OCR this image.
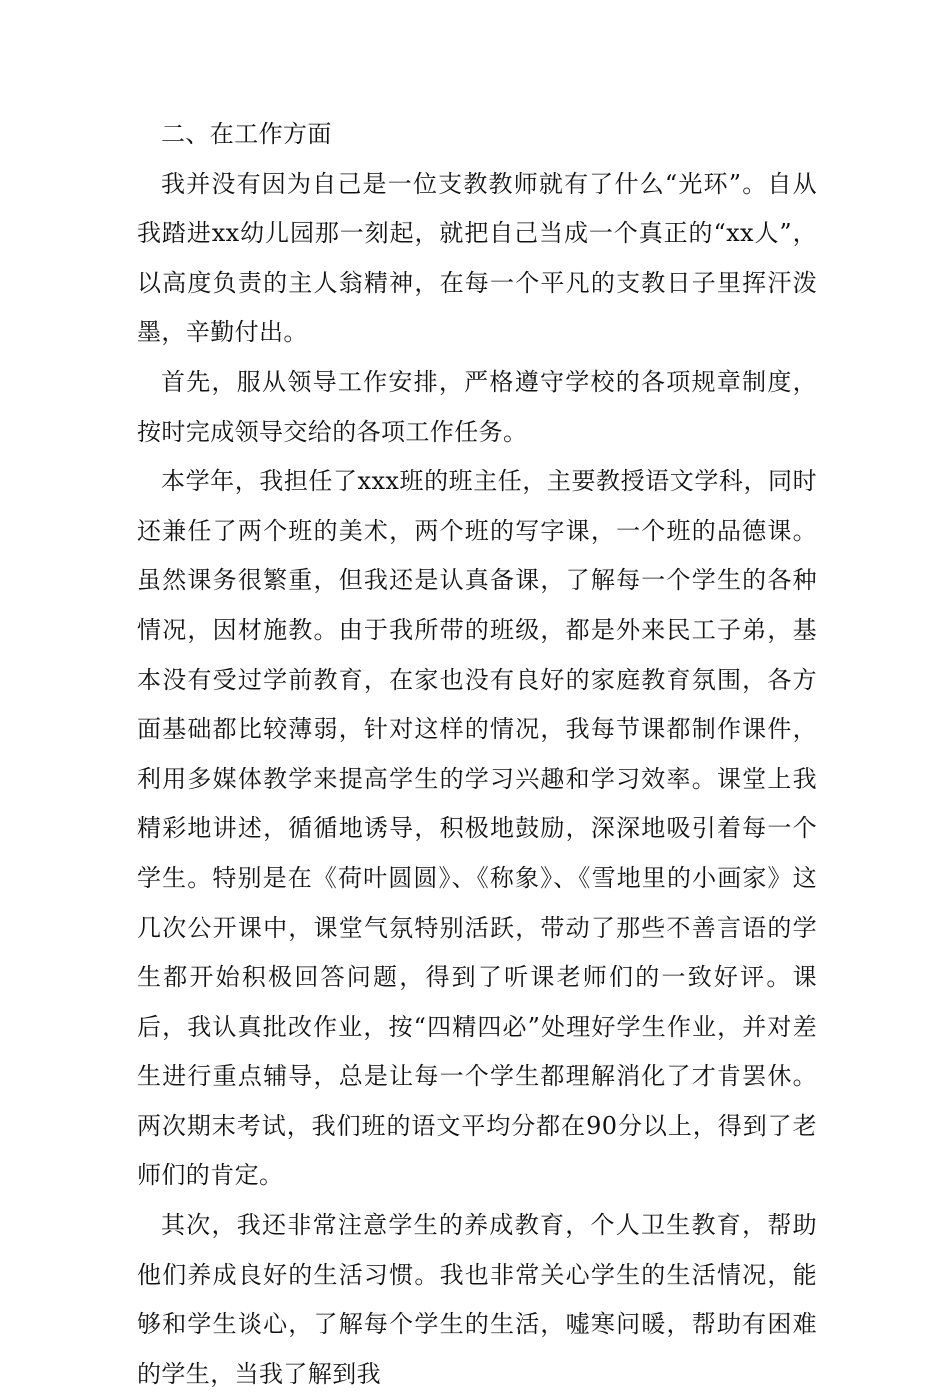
二、在工作方面

我并没有因为自己是一位支教教师就有了什么“光环”。自从我踏进xx幼儿园那一刻起，就把自己当成一个真正的“xx人”，以高度负责的主人翁精神，在每一个平凡的支教日子里挥汗泼墨，辛勤付出。

首先，服从领导工作安排，严格遵守学校的各项规章制度，按时完成领导交给的各项工作任务。

本学年，我担任了xxx班的班主任，主要教授语文学科，同时还兼任了两个班的美术，两个班的写字课，一个班的品德课。虽然课务很繁重，但我还是认真备课，了解每一个学生的各种情况，因材施教。由于我所带的班级，都是外来民工子弟，基本没有受过学前教育，在家也没有良好的家庭教育氛围，各方面基础都比较薄弱，针对这样的情况，我每节课都制作课件，利用多媒体教学来提高学生的学习兴趣和学习效率。课堂上我精彩地讲述，循循地诱导，积极地鼓励，深深地吸引着每一个学生。特别是在《荷叶圆圆》、《称象》、《雪地里的小画家》这几次公开课中，课堂气氛特别活跃，带动了那些不善言语的学生都开始积极回答问题，得到了听课老师们的一致好评。课后，我认真批改作业，按“四精四必”处理好学生作业，并对差生进行重点辅导，总是让每一个学生都理解消化了才肯罢休。两次期末考试，我们班的语文平均分都在90分以上，得到了老师们的肯定。

其次，我还非常注意学生的养成教育，个人卫生教育，帮助他们养成良好的生活习惯。我也非常关心学生的生活情况，能够和学生谈心，了解每个学生的生活，嘘寒问暖，帮助有困难的学生，当我了解到我
